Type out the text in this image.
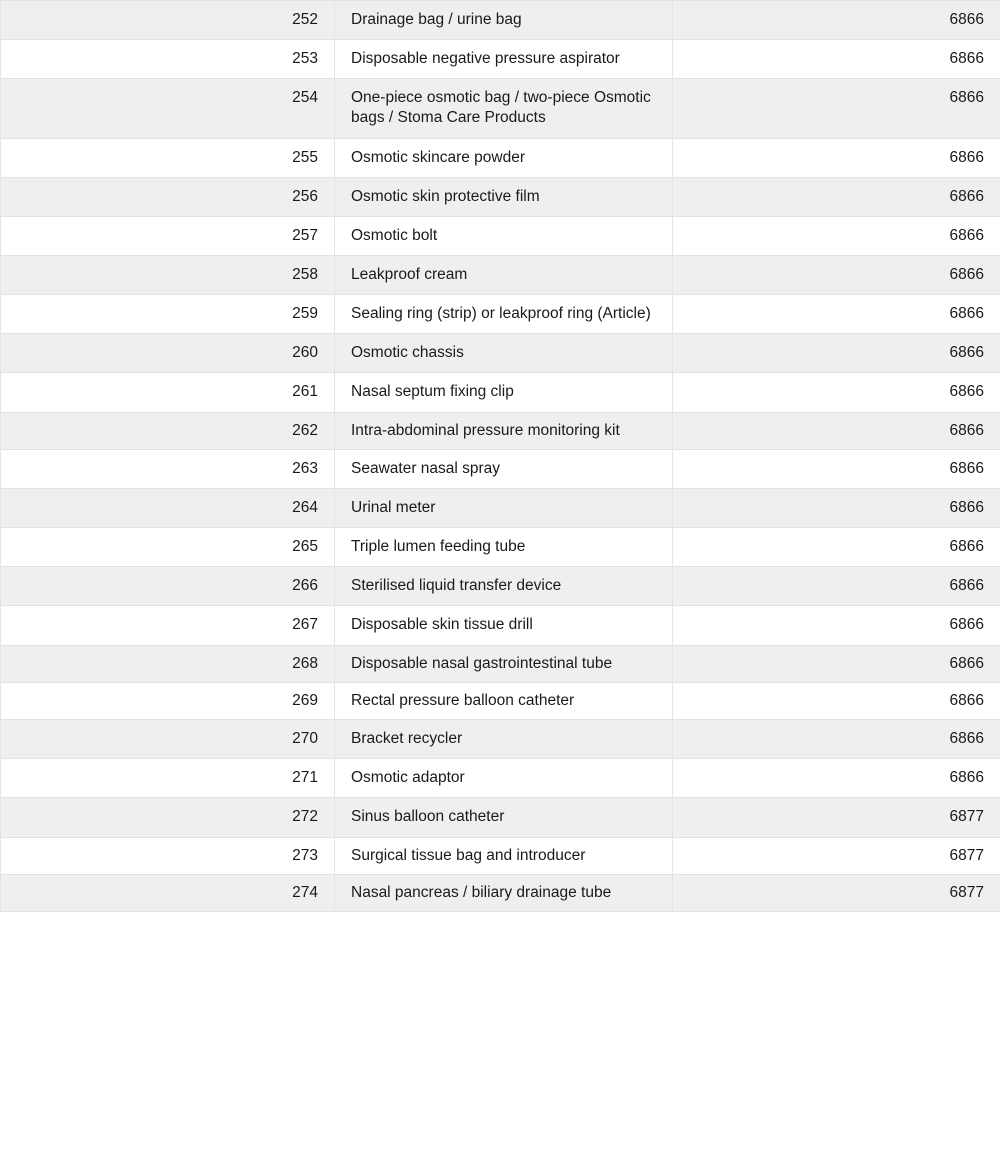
252	Drainage bag / urine bag	6866
253	Disposable negative pressure aspirator	6866
254	One-piece osmotic bag / two-piece Osmotic bags / Stoma Care Products	6866
255	Osmotic skincare powder	6866
256	Osmotic skin protective film	6866
257	Osmotic bolt	6866
258	Leakproof cream	6866
259	Sealing ring (strip) or leakproof ring (Article)	6866
260	Osmotic chassis	6866
261	Nasal septum fixing clip	6866
262	Intra-abdominal pressure monitoring kit	6866
263	Seawater nasal spray	6866
264	Urinal meter	6866
265	Triple lumen feeding tube	6866
266	Sterilised liquid transfer device	6866
267	Disposable skin tissue drill	6866
268	Disposable nasal gastrointestinal tube	6866
269	Rectal pressure balloon catheter	6866
270	Bracket recycler	6866
271	Osmotic adaptor	6866
272	Sinus balloon catheter	6877
273	Surgical tissue bag and introducer	6877
274	Nasal pancreas / biliary drainage tube	6877
